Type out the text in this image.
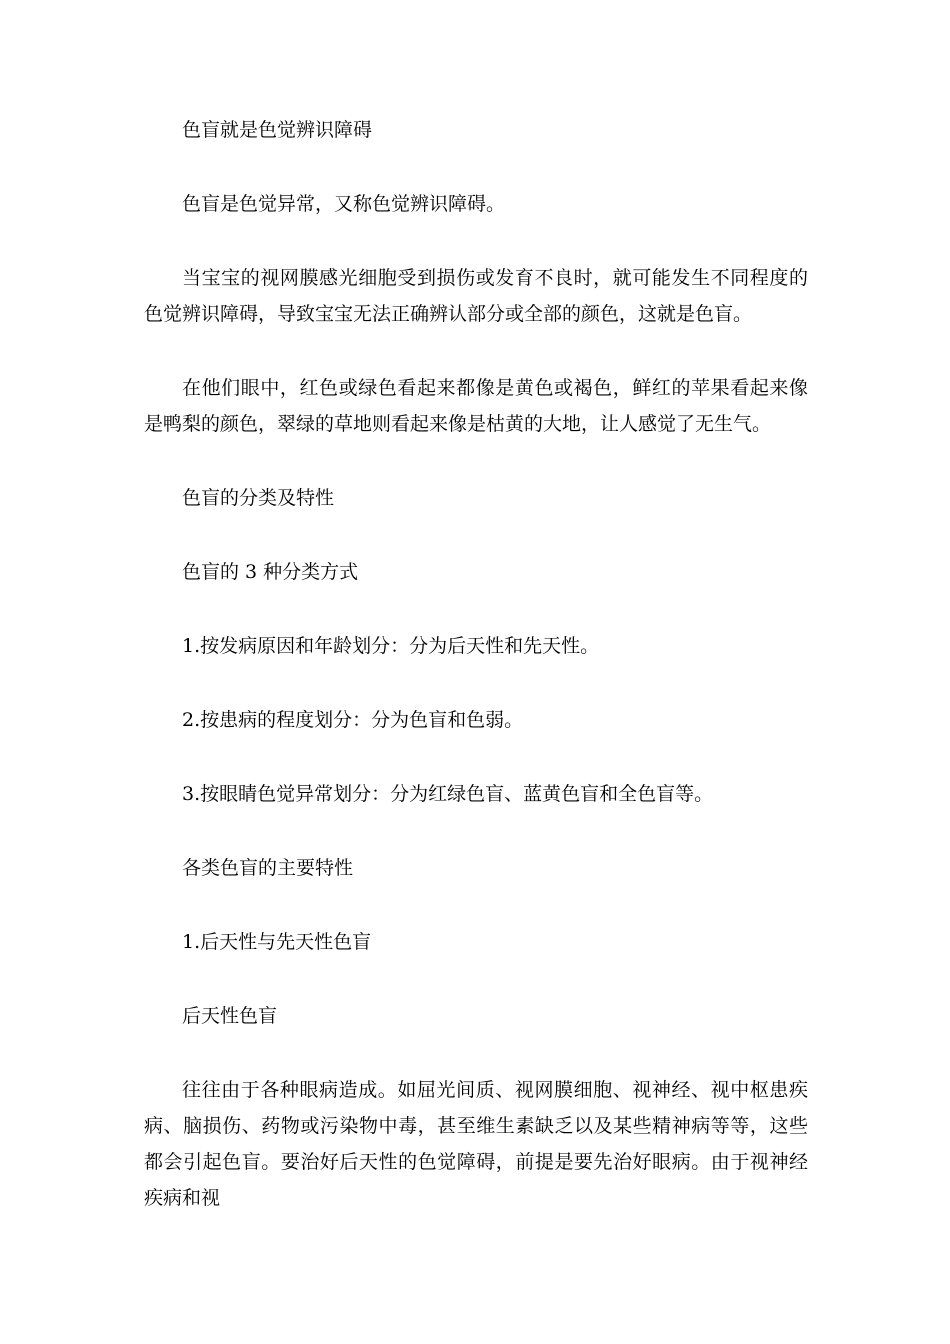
色盲就是色觉辨识障碍

色盲是色觉异常，又称色觉辨识障碍。

当宝宝的视网膜感光细胞受到损伤或发育不良时，就可能发生不同程度的色觉辨识障碍，导致宝宝无法正确辨认部分或全部的颜色，这就是色盲。

在他们眼中，红色或绿色看起来都像是黄色或褐色，鲜红的苹果看起来像是鸭梨的颜色，翠绿的草地则看起来像是枯黄的大地，让人感觉了无生气。

色盲的分类及特性

色盲的 3 种分类方式

1.按发病原因和年龄划分：分为后天性和先天性。

2.按患病的程度划分：分为色盲和色弱。

3.按眼睛色觉异常划分：分为红绿色盲、蓝黄色盲和全色盲等。

各类色盲的主要特性

1.后天性与先天性色盲

后天性色盲

往往由于各种眼病造成。如屈光间质、视网膜细胞、视神经、视中枢患疾病、脑损伤、药物或污染物中毒，甚至维生素缺乏以及某些精神病等等，这些都会引起色盲。要治好后天性的色觉障碍，前提是要先治好眼病。由于视神经疾病和视
